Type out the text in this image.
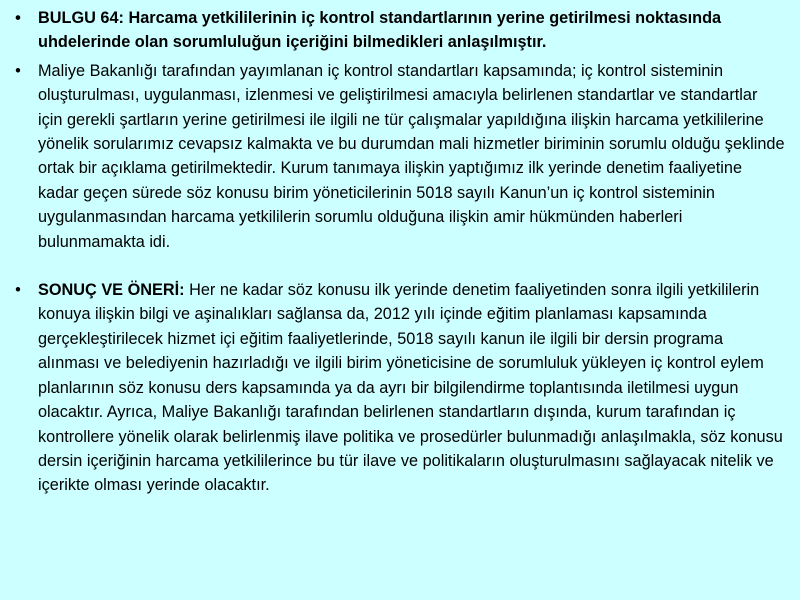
•	BULGU 64: Harcama yetkililerinin iç kontrol standartlarının yerine getirilmesi noktasında uhdelerinde olan sorumluluğun içeriğini bilmedikleri anlaşılmıştır.
•	Maliye Bakanlığı tarafından yayımlanan iç kontrol standartları kapsamında; iç kontrol sisteminin oluşturulması, uygulanması, izlenmesi ve geliştirilmesi amacıyla belirlenen standartlar ve standartlar için gerekli şartların yerine getirilmesi ile ilgili ne tür çalışmalar yapıldığına ilişkin harcama yetkililerine yönelik sorularımız cevapsız kalmakta ve bu durumdan mali hizmetler biriminin sorumlu olduğu şeklinde ortak bir açıklama getirilmektedir. Kurum tanımaya ilişkin yaptığımız ilk yerinde denetim faaliyetine kadar geçen sürede söz konusu birim yöneticilerinin 5018 sayılı Kanun’un iç kontrol sisteminin uygulanmasından harcama yetkililerin sorumlu olduğuna ilişkin amir hükmünden haberleri bulunmamakta idi.
•	SONUÇ VE ÖNERİ: Her ne kadar söz konusu ilk yerinde denetim faaliyetinden sonra ilgili yetkililerin konuya ilişkin bilgi ve aşinalıkları sağlansa da, 2012 yılı içinde eğitim planlaması kapsamında gerçekleştirilecek hizmet içi eğitim faaliyetlerinde, 5018 sayılı kanun ile ilgili bir dersin programa alınması ve belediyenin hazırladığı ve ilgili birim yöneticisine de sorumluluk yükleyen iç kontrol eylem planlarının söz konusu ders kapsamında ya da ayrı bir bilgilendirme toplantısında iletilmesi uygun olacaktır. Ayrıca, Maliye Bakanlığı tarafından belirlenen standartların dışında, kurum tarafından iç kontrollere yönelik olarak belirlenmiş ilave politika ve prosedürler bulunmadığı anlaşılmakla, söz konusu dersin içeriğinin harcama yetkililerince bu tür ilave ve politikaların oluşturulmasını sağlayacak nitelik ve içerikte olması yerinde olacaktır.
